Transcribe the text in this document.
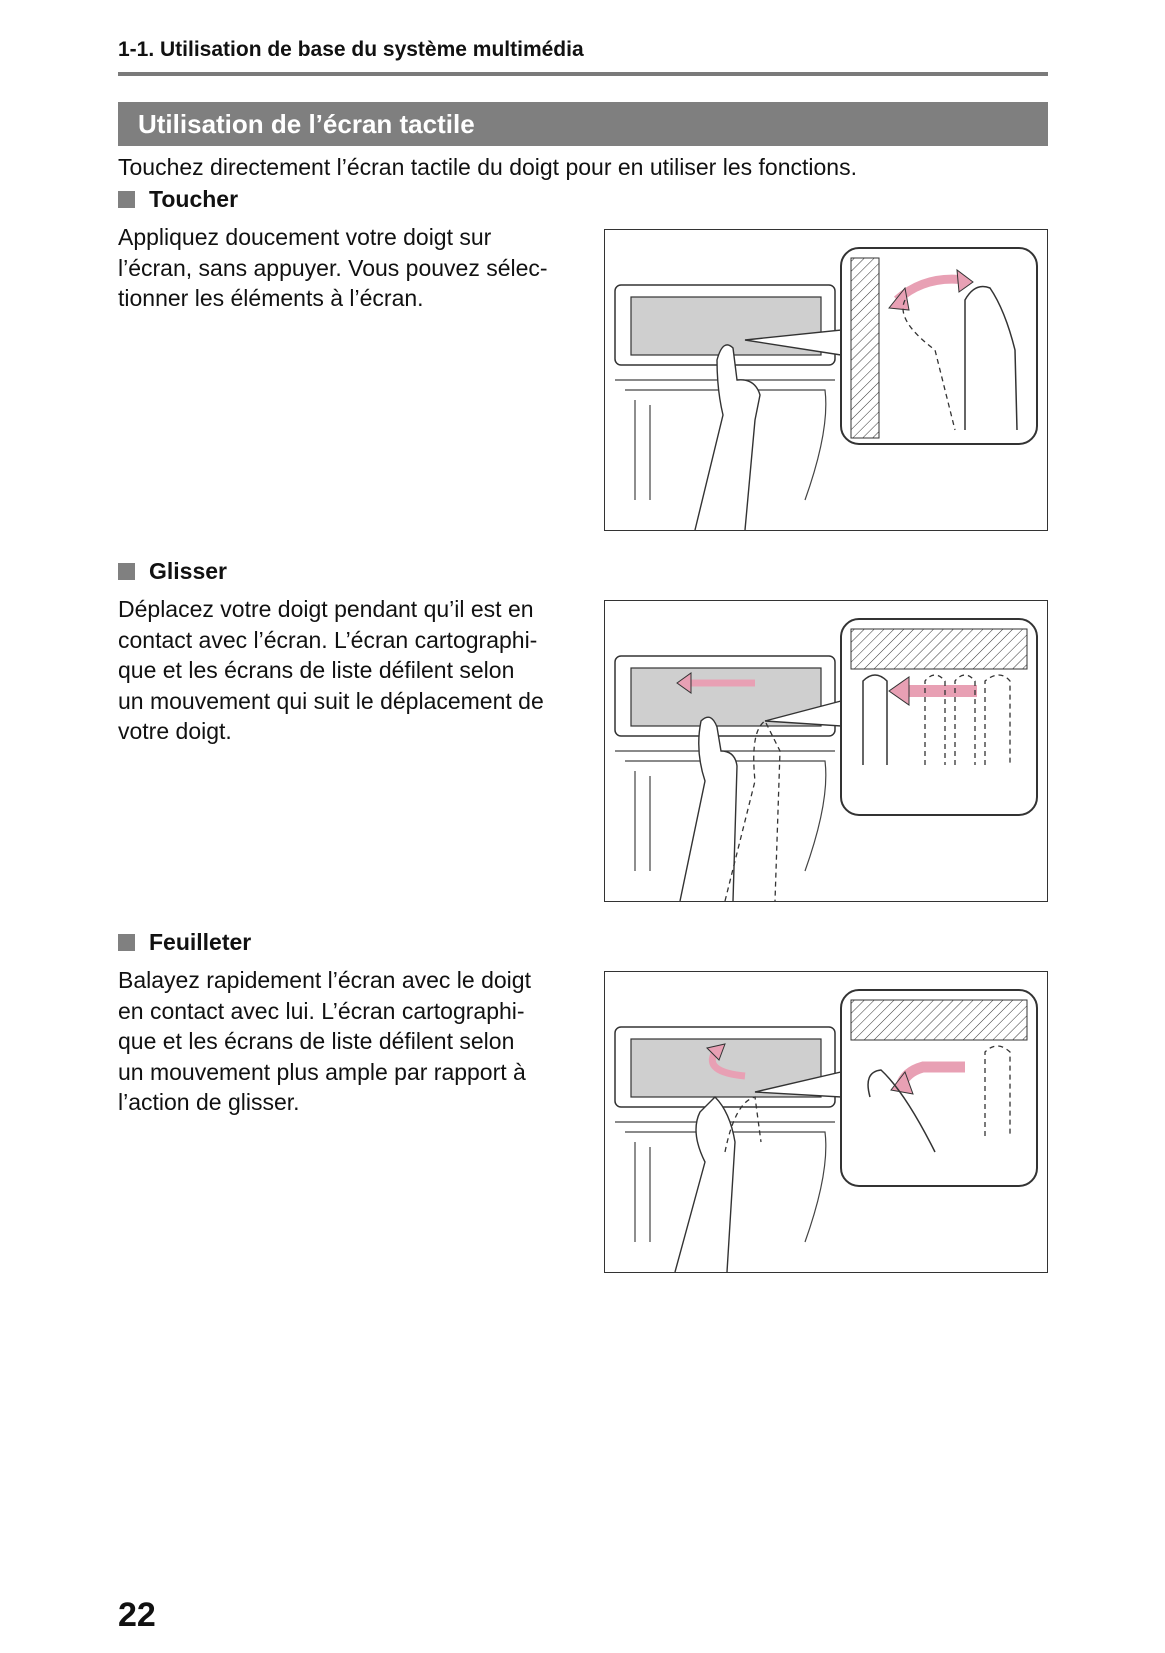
1-1. Utilisation de base du système multimédia
Utilisation de l’écran tactile
Touchez directement l’écran tactile du doigt pour en utiliser les fonctions.
Toucher
Appliquez doucement votre doigt sur
l’écran, sans appuyer. Vous pouvez sélec-
tionner les éléments à l’écran.
Glisser
Déplacez votre doigt pendant qu’il est en
contact avec l’écran. L’écran cartographi-
que et les écrans de liste défilent selon
un mouvement qui suit le déplacement de
votre doigt.
Feuilleter
Balayez rapidement l’écran avec le doigt
en contact avec lui. L’écran cartographi-
que et les écrans de liste défilent selon
un mouvement plus ample par rapport à
l’action de glisser.
22
